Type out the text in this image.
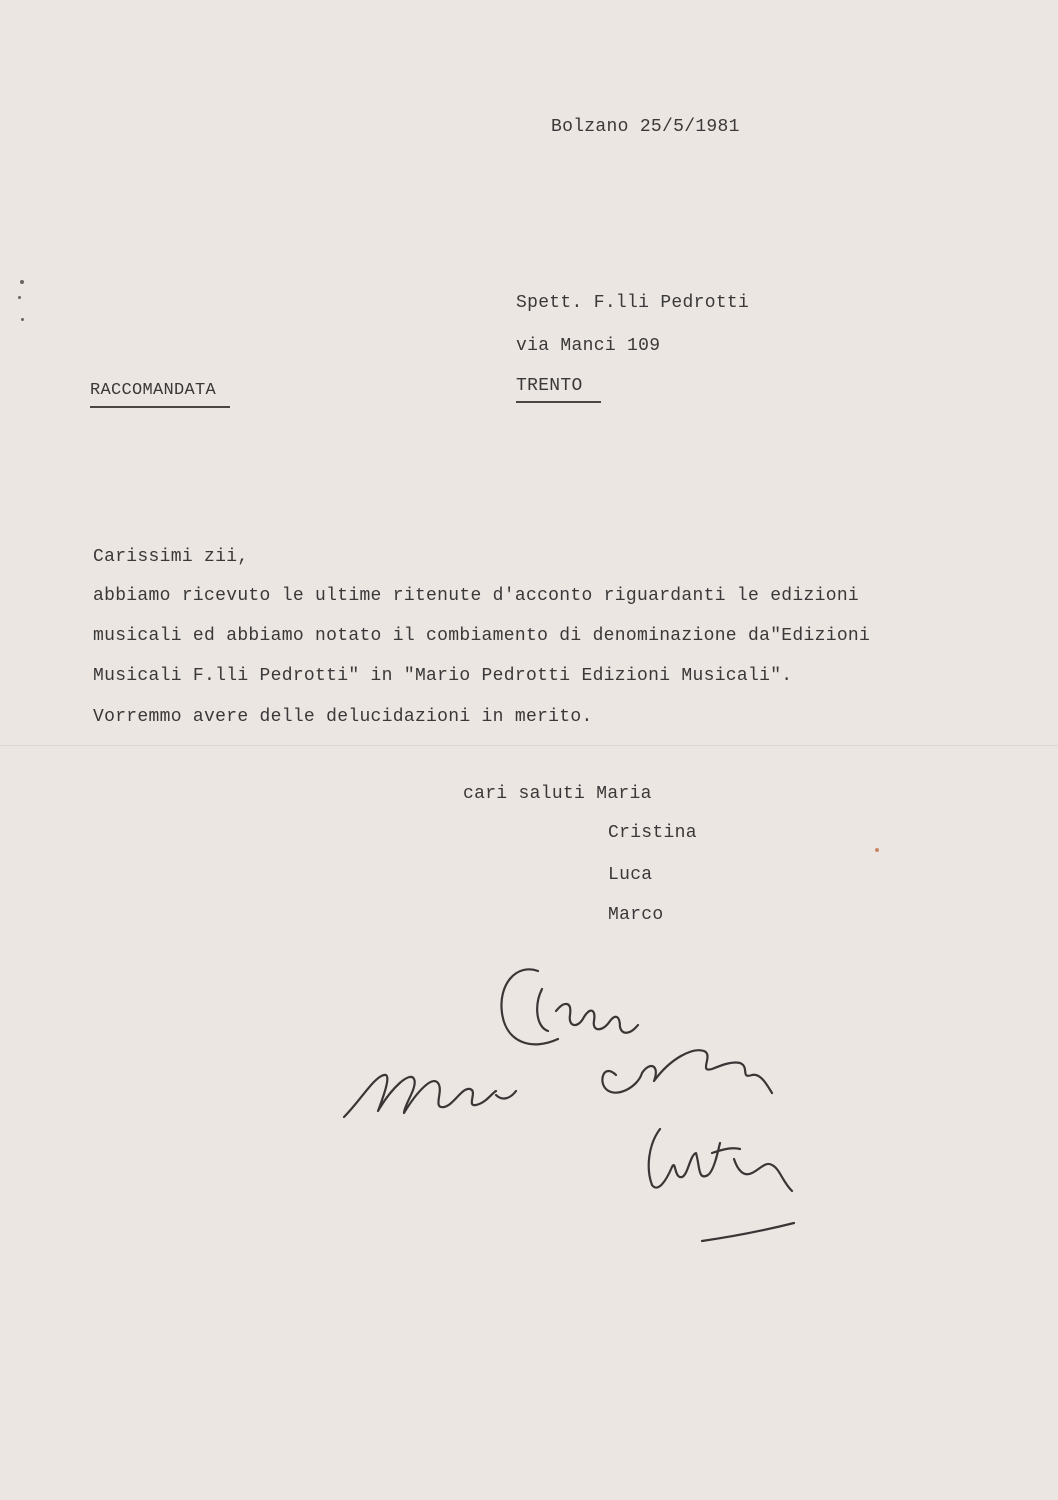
Bolzano 25/5/1981
Spett. F.lli Pedrotti
via Manci 109
TRENTO
RACCOMANDATA
Carissimi zii,
abbiamo ricevuto le ultime ritenute d'acconto riguardanti le edizioni
musicali ed abbiamo notato il combiamento di denominazione da"Edizioni
Musicali F.lli Pedrotti" in "Mario Pedrotti Edizioni Musicali".
Vorremmo avere delle delucidazioni in merito.
cari saluti Maria
Cristina
Luca
Marco
